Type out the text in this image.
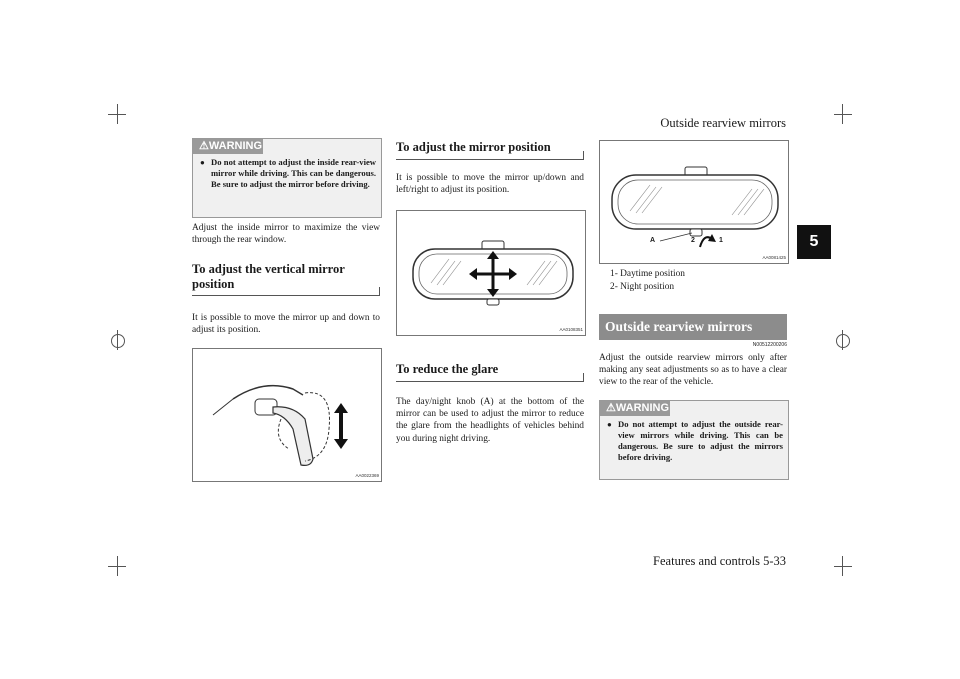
Outside rearview mirrors
Features and controls 5-33
5
⚠WARNING
● Do not attempt to adjust the inside rear-view mirror while driving. This can be dangerous. Be sure to adjust the mirror before driving.
Adjust the inside mirror to maximize the view through the rear window.
To adjust the vertical mirror position
It is possible to move the mirror up and down to adjust its position.
AA0022369
To adjust the mirror position
It is possible to move the mirror up/down and left/right to adjust its position.
AA0108351
To reduce the glare
The day/night knob (A) at the bottom of the mirror can be used to adjust the mirror to reduce the glare from the headlights of vehicles behind you during night driving.
A	2	1
AA0081425
1- Daytime position
2- Night position
Outside rearview mirrors
N00512200206
Adjust the outside rearview mirrors only after making any seat adjustments so as to have a clear view to the rear of the vehicle.
⚠WARNING
● Do not attempt to adjust the outside rear-view mirrors while driving. This can be dangerous. Be sure to adjust the mirrors before driving.
